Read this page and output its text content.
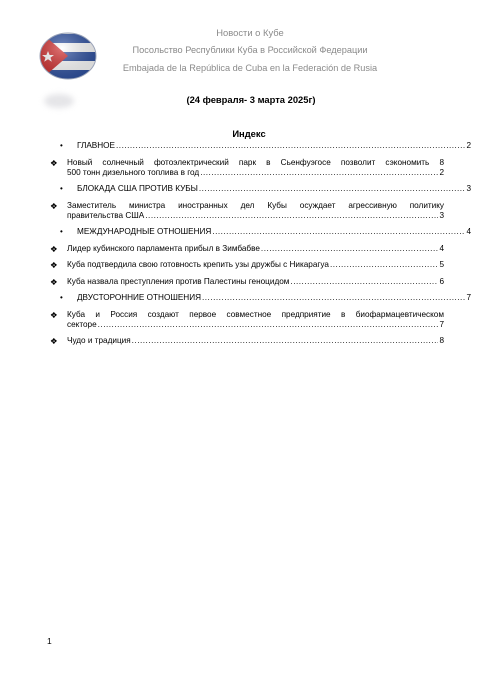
Новости о Кубе
Посольство Республики Куба в Российской Федерации
Embajada de la República de Cuba en la Federación de Rusia
(24 февраля- 3 марта 2025г)
Индекс
• ГЛАВНОЕ .....	2
❖ Новый солнечный фотоэлектрический парк в Сьенфуэгосе позволит сэкономить 8
500 тонн дизельного топлива в год .....	2
• БЛОКАДА США ПРОТИВ КУБЫ .....	3
❖ Заместитель министра иностранных дел Кубы осуждает агрессивную политику
правительства США .....	3
• МЕЖДУНАРОДНЫЕ ОТНОШЕНИЯ .....	4
❖ Лидер кубинского парламента прибыл в Зимбабве .....	4
❖ Куба подтвердила свою готовность крепить узы дружбы с Никарагуа .....	5
❖ Куба назвала преступления против Палестины геноцидом .....	6
• ДВУСТОРОННИЕ ОТНОШЕНИЯ .....	7
❖ Куба и Россия создают первое совместное предприятие в биофармацевтическом
секторе .....	7
❖ Чудо и традиция .....	8
1
